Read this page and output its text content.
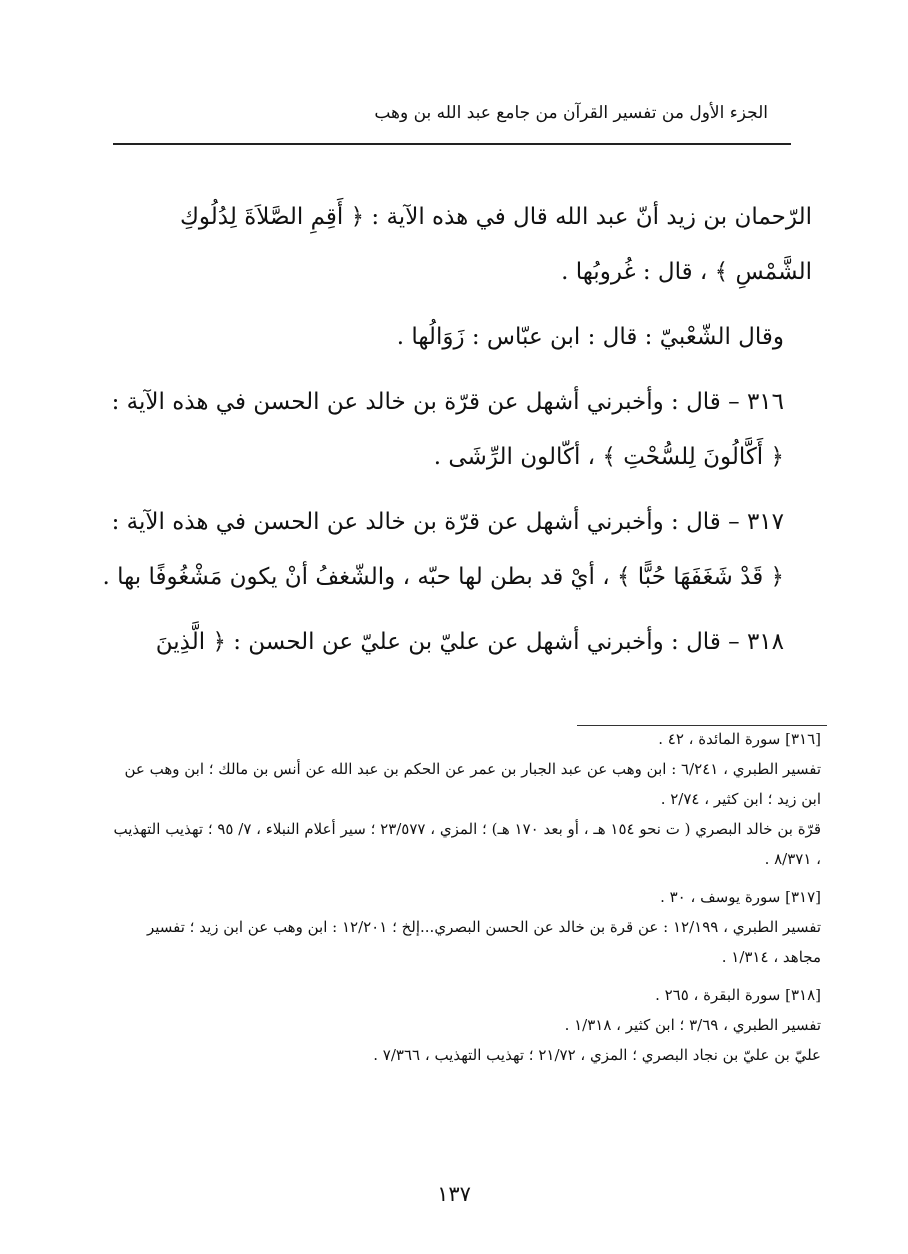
الجزء الأول من تفسير القرآن من جامع عبد الله بن وهب

الرّحمان بن زيد أنّ عبد الله قال في هذه الآية : ﴿ أَقِمِ الصَّلاَةَ لِدُلُوكِ الشَّمْسِ ﴾ ، قال : غُروبُها .

وقال الشّعْبيّ : قال : ابن عبّاس : زَوَالُها .

٣١٦ – قال : وأخبرني أشهل عن قرّة بن خالد عن الحسن في هذه الآية : ﴿ أَكَّالُونَ لِلسُّحْتِ ﴾ ، أكّالون الرِّشَى .

٣١٧ – قال : وأخبرني أشهل عن قرّة بن خالد عن الحسن في هذه الآية : ﴿ قَدْ شَغَفَهَا حُبًّا ﴾ ، أيْ قد بطن لها حبّه ، والشّغفُ أنْ يكون مَشْغُوفًا بها .

٣١٨ – قال : وأخبرني أشهل عن عليّ بن عليّ عن الحسن : ﴿ الَّذِينَ

[٣١٦] سورة المائدة ، ٤٢ .

تفسير الطبري ، ٦/٢٤١ : ابن وهب عن عبد الجبار بن عمر عن الحكم بن عبد الله عن أنس بن مالك ؛ ابن وهب عن ابن زيد ؛ ابن كثير ، ٢/٧٤ .

قرّة بن خالد البصري ( ت نحو ١٥٤ هـ ، أو بعد ١٧٠ هـ) ؛ المزي ، ٢٣/٥٧٧ ؛ سير أعلام النبلاء ، ٧/ ٩٥ ؛ تهذيب التهذيب ، ٨/٣٧١ .

[٣١٧] سورة يوسف ، ٣٠ .

تفسير الطبري ، ١٢/١٩٩ : عن قرة بن خالد عن الحسن البصري...إلخ ؛ ١٢/٢٠١ : ابن وهب عن ابن زيد ؛ تفسير مجاهد ، ١/٣١٤ .

[٣١٨] سورة البقرة ، ٢٦٥ .

تفسير الطبري ، ٣/٦٩ ؛ ابن كثير ، ١/٣١٨ .

عليّ بن عليّ بن نجاد البصري ؛ المزي ، ٢١/٧٢ ؛ تهذيب التهذيب ، ٧/٣٦٦ .

١٣٧
